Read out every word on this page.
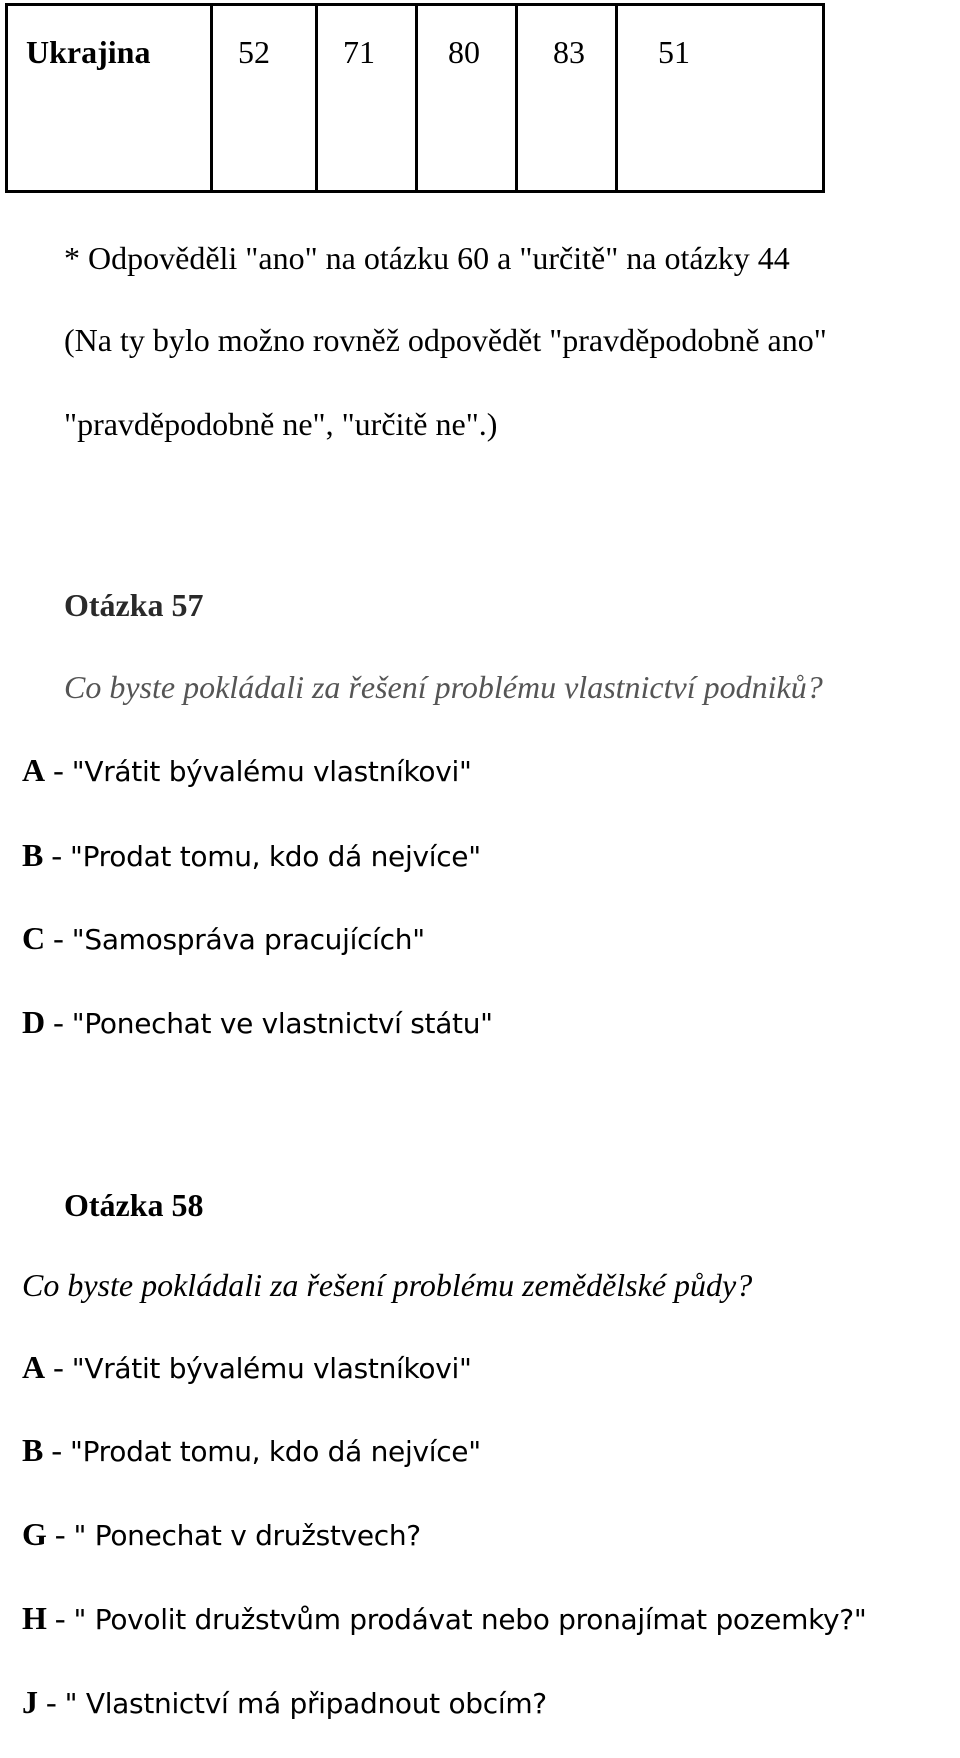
Ukrajina	52	71	80	83	51
* Odpověděli "ano" na otázku 60 a "určitě" na otázky 44
(Na ty bylo možno rovněž odpovědět "pravděpodobně ano"
"pravděpodobně ne", "určitě ne".)
Otázka 57
Co byste pokládali za řešení problému vlastnictví podniků?
A - "Vrátit bývalému vlastníkovi"
B - "Prodat tomu, kdo dá nejvíce"
C - "Samospráva pracujících"
D - "Ponechat ve vlastnictví státu"
Otázka 58
Co byste pokládali za řešení problému zemědělské půdy?
A - "Vrátit bývalému vlastníkovi"
B - "Prodat tomu, kdo dá nejvíce"
G - " Ponechat v družstvech?
H - " Povolit družstvům prodávat nebo pronajímat pozemky?"
J - " Vlastnictví má připadnout obcím?
